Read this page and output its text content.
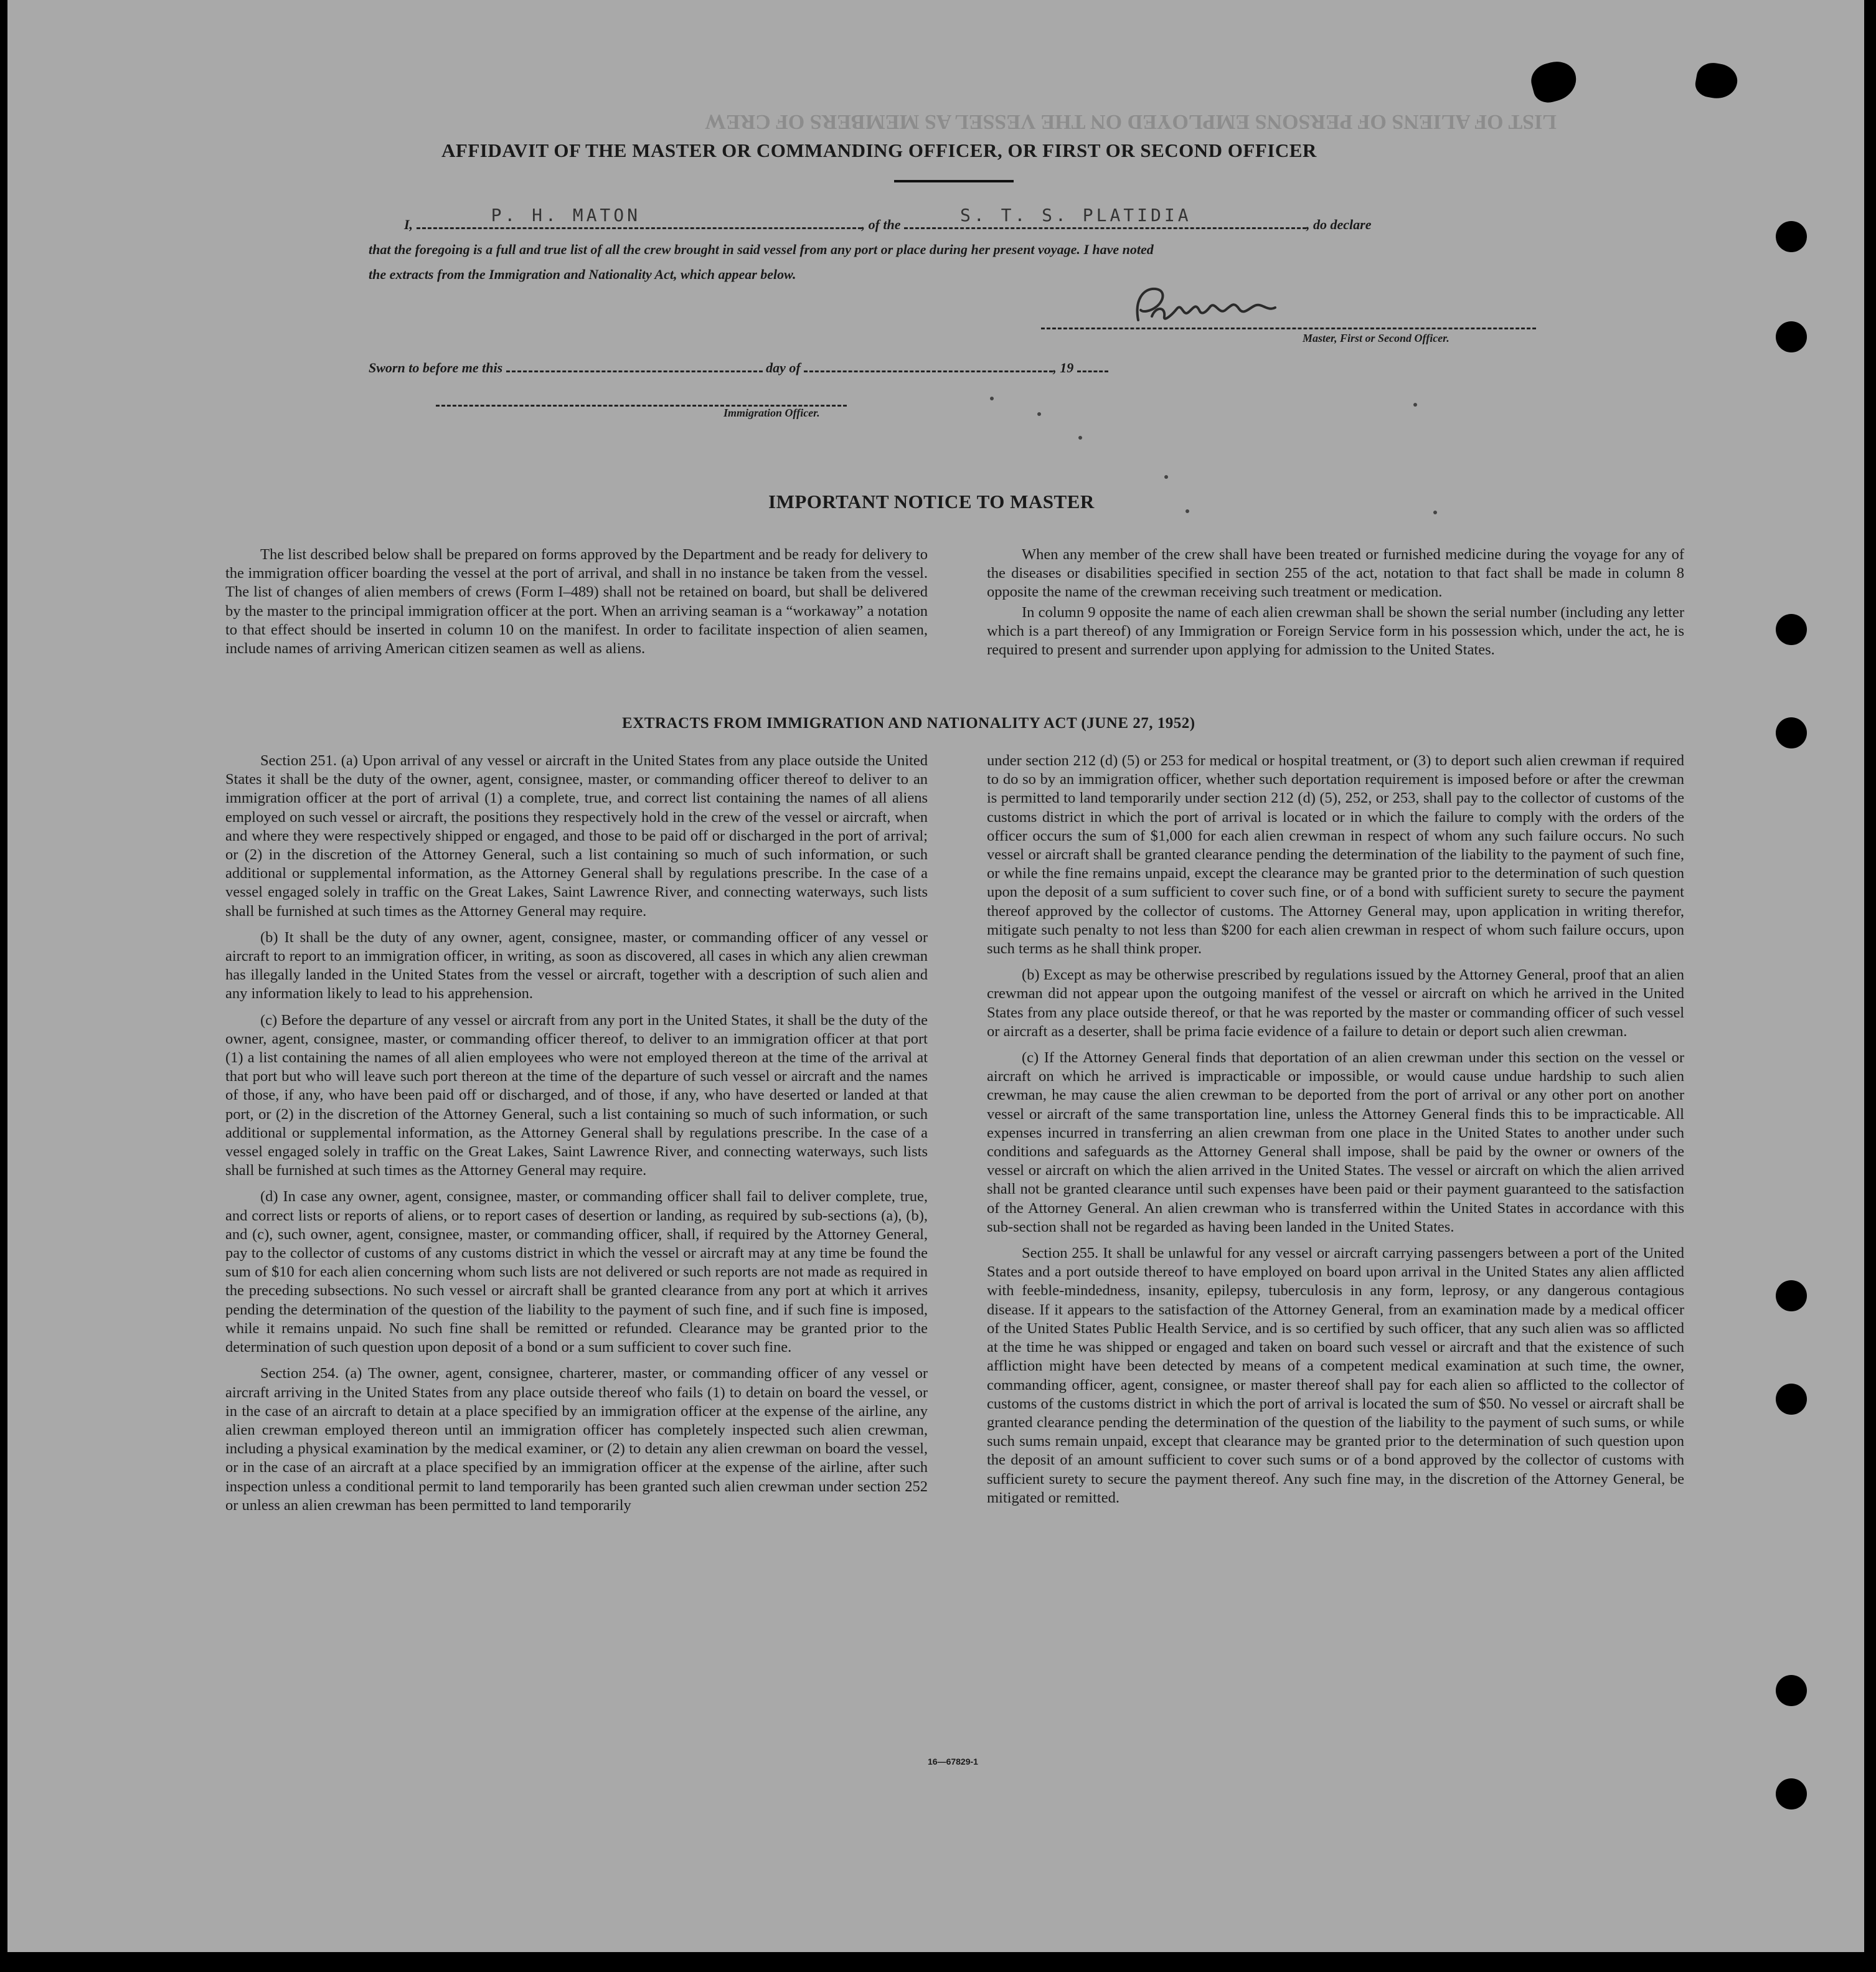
LIST OF ALIENS OF PERSONS EMPLOYED ON THE VESSEL AS MEMBERS OF CREW
AFFIDAVIT OF THE MASTER OR COMMANDING OFFICER, OR FIRST OR SECOND OFFICER
I,	P. H. MATON	, of the	S. T. S. PLATIDIA	, do declare
that the foregoing is a full and true list of all the crew brought in said vessel from any port or place during her present voyage. I have noted
the extracts from the Immigration and Nationality Act, which appear below.
Master, First or Second Officer.
Sworn to before me this	day of	, 19
Immigration Officer.
IMPORTANT NOTICE TO MASTER

The list described below shall be prepared on forms approved by the Department and be ready for delivery to the immigration officer boarding the vessel at the port of arrival, and shall in no instance be taken from the vessel. The list of changes of alien members of crews (Form I–489) shall not be retained on board, but shall be delivered by the master to the principal immigration officer at the port. When an arriving seaman is a “workaway” a notation to that effect should be inserted in column 10 on the manifest. In order to facilitate inspection of alien seamen, include names of arriving American citizen seamen as well as aliens.

When any member of the crew shall have been treated or furnished medicine during the voyage for any of the diseases or disabilities specified in section 255 of the act, notation to that fact shall be made in column 8 opposite the name of the crewman receiving such treatment or medication.

In column 9 opposite the name of each alien crewman shall be shown the serial number (including any letter which is a part thereof) of any Immigration or Foreign Service form in his possession which, under the act, he is required to present and surrender upon applying for admission to the United States.

EXTRACTS FROM IMMIGRATION AND NATIONALITY ACT (JUNE 27, 1952)

Section 251. (a) Upon arrival of any vessel or aircraft in the United States from any place outside the United States it shall be the duty of the owner, agent, consignee, master, or commanding officer thereof to deliver to an immigration officer at the port of arrival (1) a complete, true, and correct list containing the names of all aliens employed on such vessel or aircraft, the positions they respectively hold in the crew of the vessel or aircraft, when and where they were respectively shipped or engaged, and those to be paid off or discharged in the port of arrival; or (2) in the discretion of the Attorney General, such a list containing so much of such information, or such additional or supplemental information, as the Attorney General shall by regulations prescribe. In the case of a vessel engaged solely in traffic on the Great Lakes, Saint Lawrence River, and connecting waterways, such lists shall be furnished at such times as the Attorney General may require.

(b) It shall be the duty of any owner, agent, consignee, master, or commanding officer of any vessel or aircraft to report to an immigration officer, in writing, as soon as discovered, all cases in which any alien crewman has illegally landed in the United States from the vessel or aircraft, together with a description of such alien and any information likely to lead to his apprehension.

(c) Before the departure of any vessel or aircraft from any port in the United States, it shall be the duty of the owner, agent, consignee, master, or commanding officer thereof, to deliver to an immigration officer at that port (1) a list containing the names of all alien employees who were not employed thereon at the time of the arrival at that port but who will leave such port thereon at the time of the departure of such vessel or aircraft and the names of those, if any, who have been paid off or discharged, and of those, if any, who have deserted or landed at that port, or (2) in the discretion of the Attorney General, such a list containing so much of such information, or such additional or supplemental information, as the Attorney General shall by regulations prescribe. In the case of a vessel engaged solely in traffic on the Great Lakes, Saint Lawrence River, and connecting waterways, such lists shall be furnished at such times as the Attorney General may require.

(d) In case any owner, agent, consignee, master, or commanding officer shall fail to deliver complete, true, and correct lists or reports of aliens, or to report cases of desertion or landing, as required by sub-sections (a), (b), and (c), such owner, agent, consignee, master, or commanding officer, shall, if required by the Attorney General, pay to the collector of customs of any customs district in which the vessel or aircraft may at any time be found the sum of $10 for each alien concerning whom such lists are not delivered or such reports are not made as required in the preceding subsections. No such vessel or aircraft shall be granted clearance from any port at which it arrives pending the determination of the question of the liability to the payment of such fine, and if such fine is imposed, while it remains unpaid. No such fine shall be remitted or refunded. Clearance may be granted prior to the determination of such question upon deposit of a bond or a sum sufficient to cover such fine.

Section 254. (a) The owner, agent, consignee, charterer, master, or commanding officer of any vessel or aircraft arriving in the United States from any place outside thereof who fails (1) to detain on board the vessel, or in the case of an aircraft to detain at a place specified by an immigration officer at the expense of the airline, any alien crewman employed thereon until an immigration officer has completely inspected such alien crewman, including a physical examination by the medical examiner, or (2) to detain any alien crewman on board the vessel, or in the case of an aircraft at a place specified by an immigration officer at the expense of the airline, after such inspection unless a conditional permit to land temporarily has been granted such alien crewman under section 252 or unless an alien crewman has been permitted to land temporarily

under section 212 (d) (5) or 253 for medical or hospital treatment, or (3) to deport such alien crewman if required to do so by an immigration officer, whether such deportation requirement is imposed before or after the crewman is permitted to land temporarily under section 212 (d) (5), 252, or 253, shall pay to the collector of customs of the customs district in which the port of arrival is located or in which the failure to comply with the orders of the officer occurs the sum of $1,000 for each alien crewman in respect of whom any such failure occurs. No such vessel or aircraft shall be granted clearance pending the determination of the liability to the payment of such fine, or while the fine remains unpaid, except the clearance may be granted prior to the determination of such question upon the deposit of a sum sufficient to cover such fine, or of a bond with sufficient surety to secure the payment thereof approved by the collector of customs. The Attorney General may, upon application in writing therefor, mitigate such penalty to not less than $200 for each alien crewman in respect of whom such failure occurs, upon such terms as he shall think proper.

(b) Except as may be otherwise prescribed by regulations issued by the Attorney General, proof that an alien crewman did not appear upon the outgoing manifest of the vessel or aircraft on which he arrived in the United States from any place outside thereof, or that he was reported by the master or commanding officer of such vessel or aircraft as a deserter, shall be prima facie evidence of a failure to detain or deport such alien crewman.

(c) If the Attorney General finds that deportation of an alien crewman under this section on the vessel or aircraft on which he arrived is impracticable or impossible, or would cause undue hardship to such alien crewman, he may cause the alien crewman to be deported from the port of arrival or any other port on another vessel or aircraft of the same transportation line, unless the Attorney General finds this to be impracticable. All expenses incurred in transferring an alien crewman from one place in the United States to another under such conditions and safeguards as the Attorney General shall impose, shall be paid by the owner or owners of the vessel or aircraft on which the alien arrived in the United States. The vessel or aircraft on which the alien arrived shall not be granted clearance until such expenses have been paid or their payment guaranteed to the satisfaction of the Attorney General. An alien crewman who is transferred within the United States in accordance with this sub-section shall not be regarded as having been landed in the United States.

Section 255. It shall be unlawful for any vessel or aircraft carrying passengers between a port of the United States and a port outside thereof to have employed on board upon arrival in the United States any alien afflicted with feeble-mindedness, insanity, epilepsy, tuberculosis in any form, leprosy, or any dangerous contagious disease. If it appears to the satisfaction of the Attorney General, from an examination made by a medical officer of the United States Public Health Service, and is so certified by such officer, that any such alien was so afflicted at the time he was shipped or engaged and taken on board such vessel or aircraft and that the existence of such affliction might have been detected by means of a competent medical examination at such time, the owner, commanding officer, agent, consignee, or master thereof shall pay for each alien so afflicted to the collector of customs of the customs district in which the port of arrival is located the sum of $50. No vessel or aircraft shall be granted clearance pending the determination of the question of the liability to the payment of such sums, or while such sums remain unpaid, except that clearance may be granted prior to the determination of such question upon the deposit of an amount sufficient to cover such sums or of a bond approved by the collector of customs with sufficient surety to secure the payment thereof. Any such fine may, in the discretion of the Attorney General, be mitigated or remitted.

16—67829-1
